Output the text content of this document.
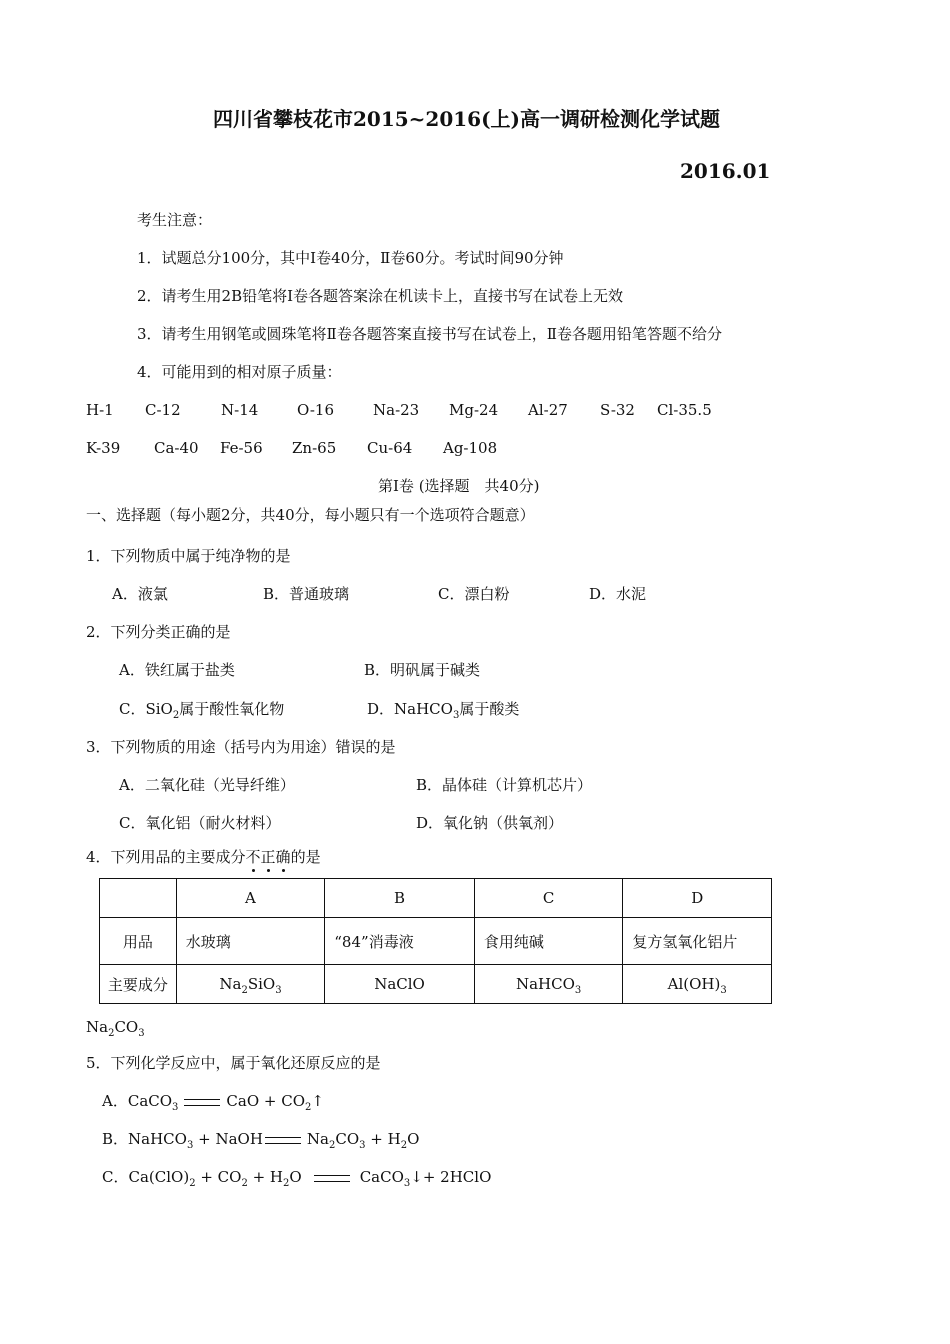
四川省攀枝花市2015~2016(上)高一调研检测化学试题
2016.01
考生注意：
1．试题总分100分，其中Ⅰ卷40分，Ⅱ卷60分。考试时间90分钟
2．请考生用2B铅笔将Ⅰ卷各题答案涂在机读卡上，直接书写在试卷上无效
3．请考生用钢笔或圆珠笔将Ⅱ卷各题答案直接书写在试卷上，Ⅱ卷各题用铅笔答题不给分
4．可能用到的相对原子质量：
H-1 C-12	N-14	O-16	Na-23 Mg-24 Al-27 S-32 Cl-35.5
K-39 Ca-40 Fe-56 Zn-65 Cu-64 Ag-108
第Ⅰ卷 (选择题　共40分)
一、选择题（每小题2分，共40分，每小题只有一个选项符合题意）
1．下列物质中属于纯净物的是
A．液氯	B．普通玻璃	C．漂白粉	D．水泥
2．下列分类正确的是
A．铁红属于盐类	B．明矾属于碱类
C．SiO$_2$属于酸性氧化物	D．NaHCO$_3$属于酸类
3．下列物质的用途（括号内为用途）错误的是
A．二氧化硅（光导纤维）	B．晶体硅（计算机芯片）
C．氧化铝（耐火材料）	D．氧化钠（供氧剂）
4．下列用品的主要成分不正确
的是
	A	B	C	D
用品	水玻璃	“84”消毒液	食用纯碱	复方氢氧化铝片
主要成分	$Na_2SiO_3$	NaClO	NaHCO$_3$	$Al(OH)_3$
$Na_2CO_3$
5．下列化学反应中，属于氧化还原反应的是
A．CaCO$_3$	CaO + $CO_2↑$
B．NaHCO$_3$ + NaOH	$Na_2CO_3 + H_2O$
C．$Ca(ClO)_2 + CO_2 + H_2O$	CaCO$_3$↓+ 2HClO
